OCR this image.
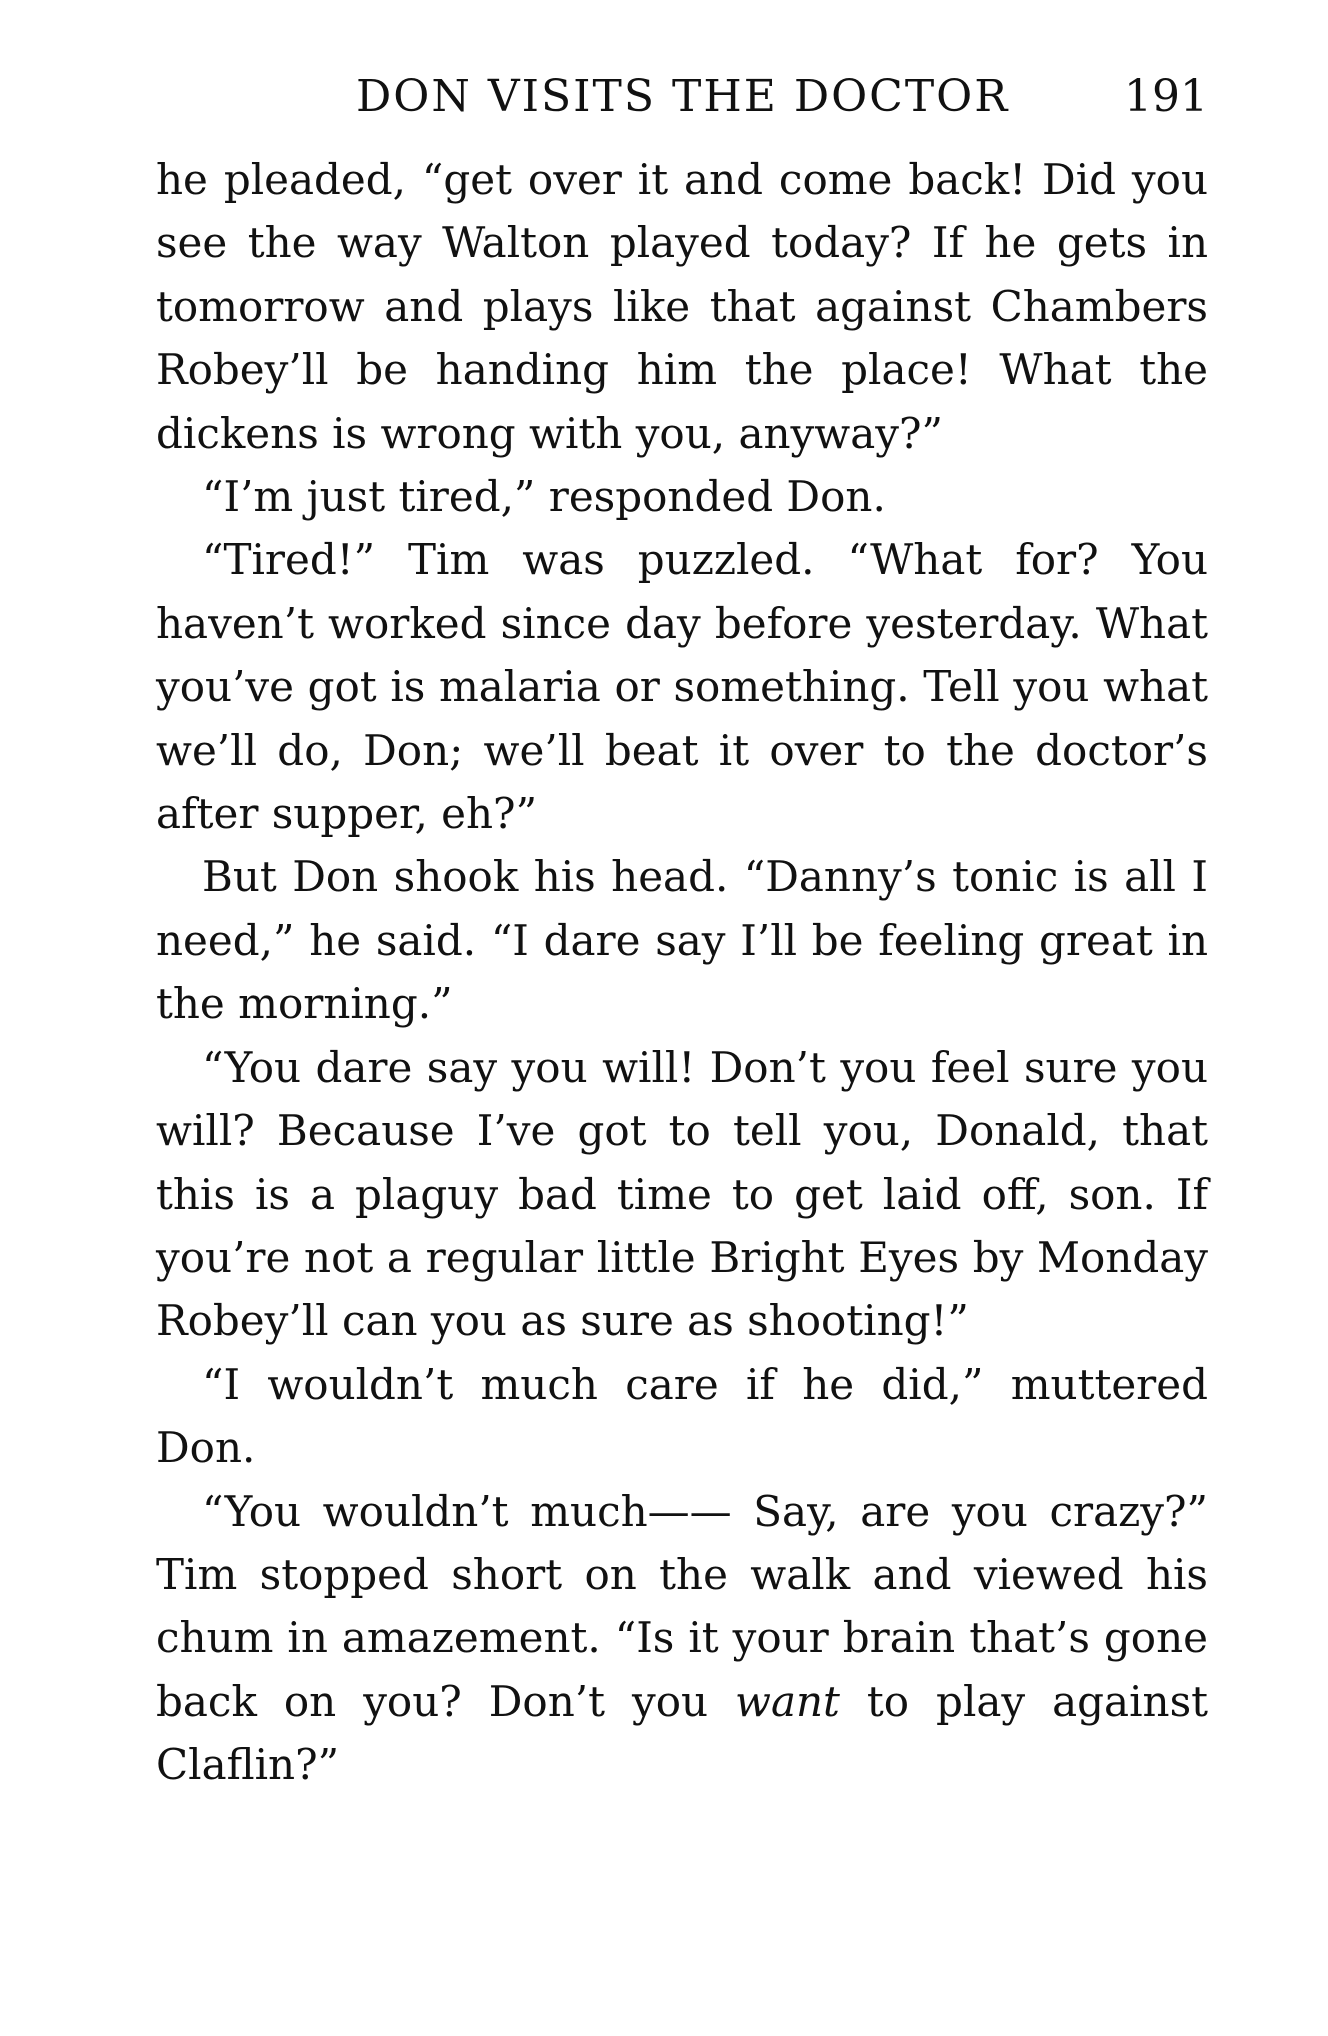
DON VISITS THE DOCTOR	191

he pleaded, “get over it and come back! Did you see the way Walton played today? If he gets in tomorrow and plays like that against Chambers Robey’ll be handing him the place! What the dickens is wrong with you, anyway?”

“I’m just tired,” responded Don.

“Tired!” Tim was puzzled. “What for? You haven’t worked since day before yesterday. What you’ve got is malaria or something. Tell you what we’ll do, Don; we’ll beat it over to the doctor’s after supper, eh?”

But Don shook his head. “Danny’s tonic is all I need,” he said. “I dare say I’ll be feeling great in the morning.”

“You dare say you will! Don’t you feel sure you will? Because I’ve got to tell you, Donald, that this is a plaguy bad time to get laid off, son. If you’re not a regular little Bright Eyes by Monday Robey’ll can you as sure as shooting!”

“I wouldn’t much care if he did,” muttered Don.

“You wouldn’t much—— Say, are you crazy?” Tim stopped short on the walk and viewed his chum in amazement. “Is it your brain that’s gone back on you? Don’t you want to play against Claflin?”
